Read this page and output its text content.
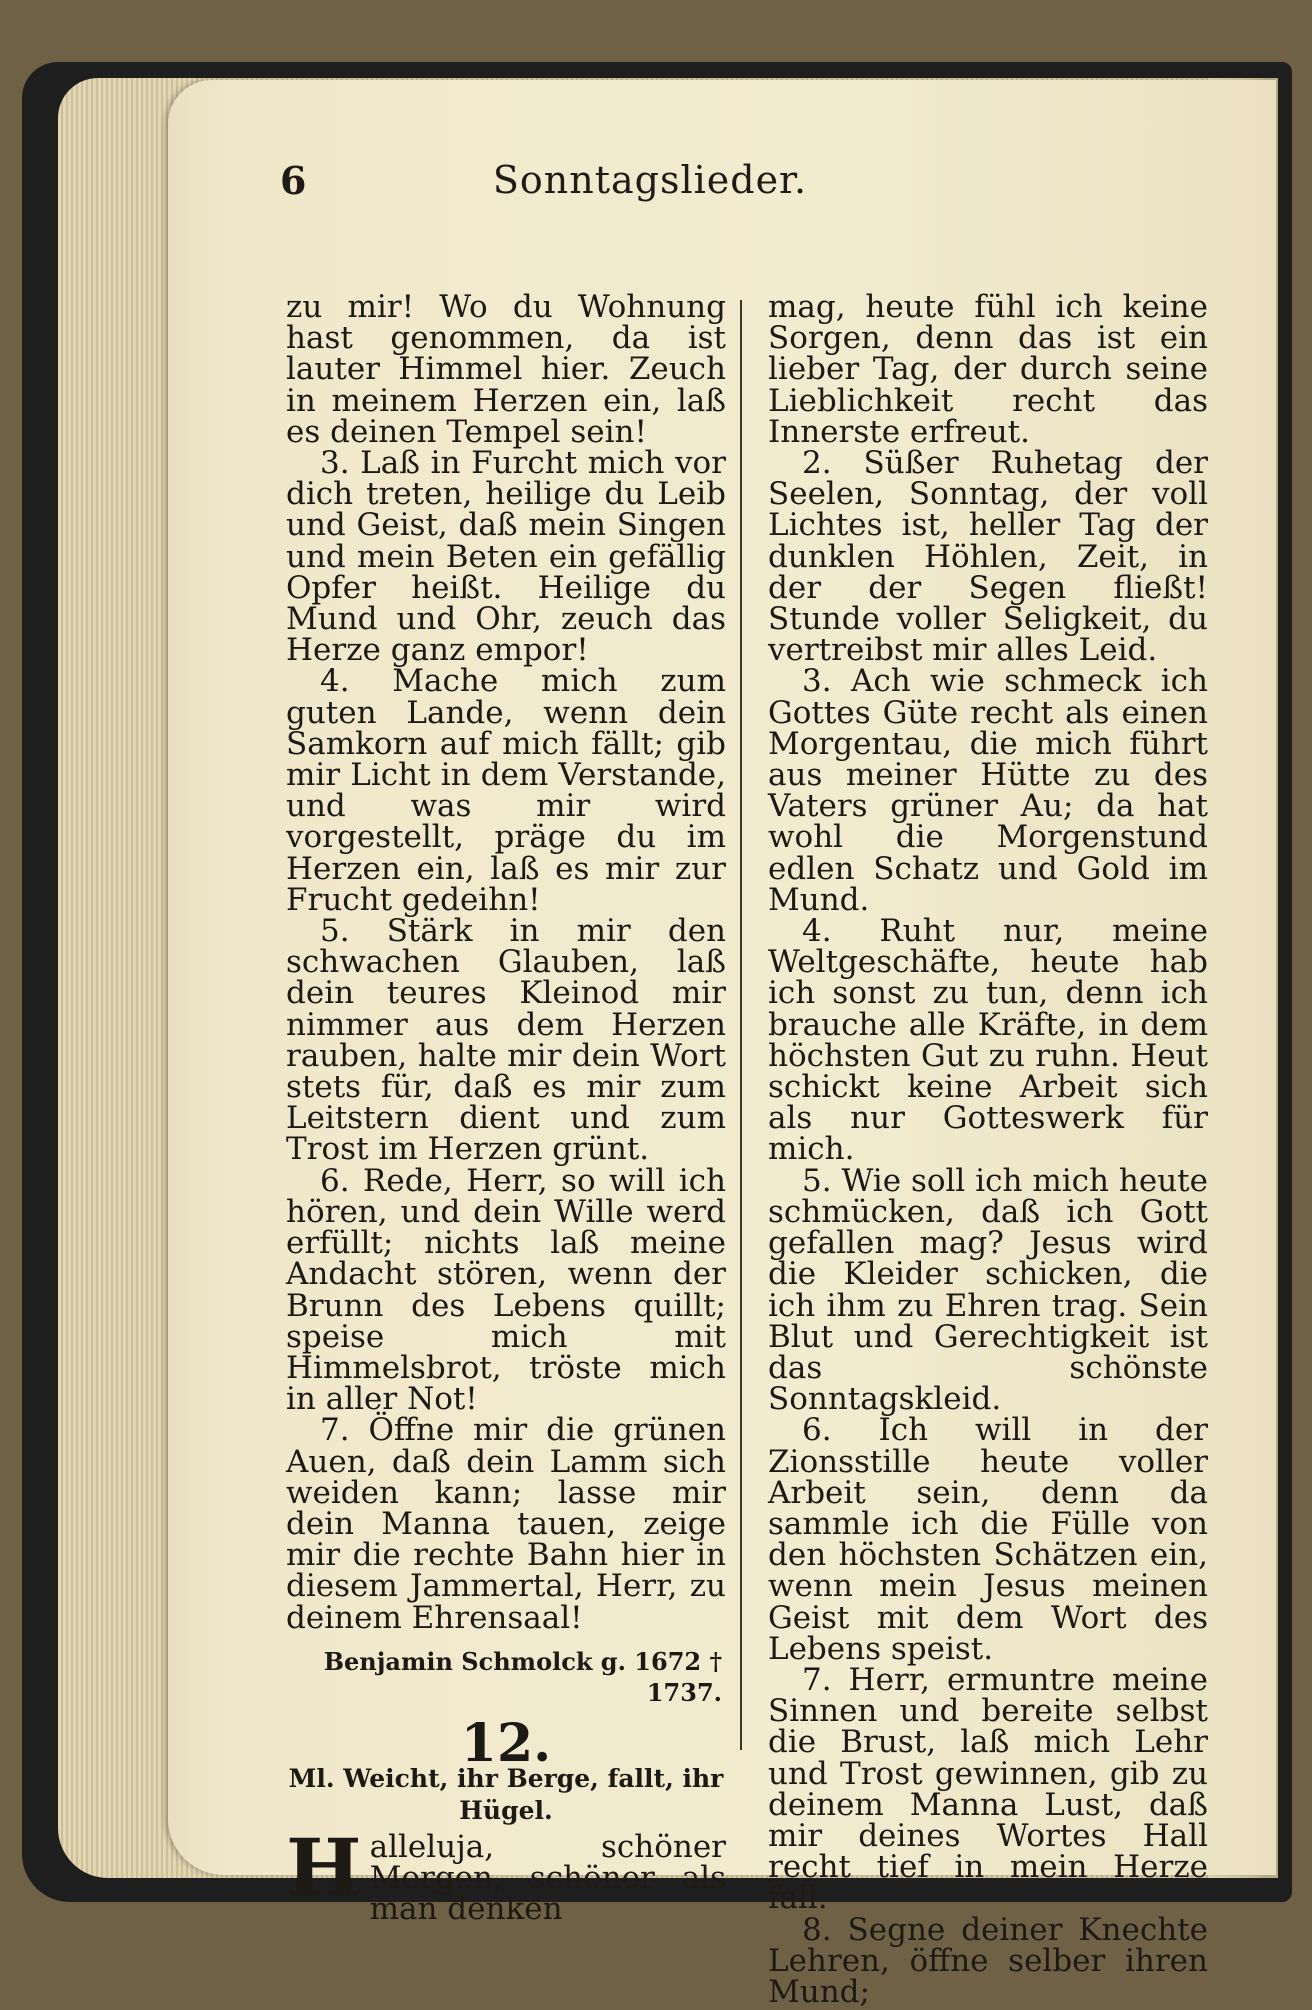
6	Sonntagslieder.

zu mir! Wo du Wohnung hast genommen, da ist lauter Himmel hier. Zeuch in meinem Herzen ein, laß es deinen Tempel sein!

3. Laß in Furcht mich vor dich treten, heilige du Leib und Geist, daß mein Singen und mein Beten ein gefällig Opfer heißt. Heilige du Mund und Ohr, zeuch das Herze ganz empor!

4. Mache mich zum guten Lande, wenn dein Samkorn auf mich fällt; gib mir Licht in dem Verstande, und was mir wird vorgestellt, präge du im Herzen ein, laß es mir zur Frucht gedeihn!

5. Stärk in mir den schwachen Glauben, laß dein teures Kleinod mir nimmer aus dem Herzen rauben, halte mir dein Wort stets für, daß es mir zum Leitstern dient und zum Trost im Herzen grünt.

6. Rede, Herr, so will ich hören, und dein Wille werd erfüllt; nichts laß meine Andacht stören, wenn der Brunn des Lebens quillt; speise mich mit Himmelsbrot, tröste mich in aller Not!

7. Öffne mir die grünen Auen, daß dein Lamm sich weiden kann; lasse mir dein Manna tauen, zeige mir die rechte Bahn hier in diesem Jammertal, Herr, zu deinem Ehrensaal!

Benjamin Schmolck g. 1672 † 1737.

12.

Ml. Weicht, ihr Berge, fallt, ihr Hügel.

Halleluja, schöner Morgen, schöner als man denken

mag, heute fühl ich keine Sorgen, denn das ist ein lieber Tag, der durch seine Lieblichkeit recht das Innerste erfreut.

2. Süßer Ruhetag der Seelen, Sonntag, der voll Lichtes ist, heller Tag der dunklen Höhlen, Zeit, in der der Segen fließt! Stunde voller Seligkeit, du vertreibst mir alles Leid.

3. Ach wie schmeck ich Gottes Güte recht als einen Morgentau, die mich führt aus meiner Hütte zu des Vaters grüner Au; da hat wohl die Morgenstund edlen Schatz und Gold im Mund.

4. Ruht nur, meine Weltgeschäfte, heute hab ich sonst zu tun, denn ich brauche alle Kräfte, in dem höchsten Gut zu ruhn. Heut schickt keine Arbeit sich als nur Gotteswerk für mich.

5. Wie soll ich mich heute schmücken, daß ich Gott gefallen mag? Jesus wird die Kleider schicken, die ich ihm zu Ehren trag. Sein Blut und Gerechtigkeit ist das schönste Sonntagskleid.

6. Ich will in der Zionsstille heute voller Arbeit sein, denn da sammle ich die Fülle von den höchsten Schätzen ein, wenn mein Jesus meinen Geist mit dem Wort des Lebens speist.

7. Herr, ermuntre meine Sinnen und bereite selbst die Brust, laß mich Lehr und Trost gewinnen, gib zu deinem Manna Lust, daß mir deines Wortes Hall recht tief in mein Herze fall.

8. Segne deiner Knechte Lehren, öffne selber ihren Mund;
